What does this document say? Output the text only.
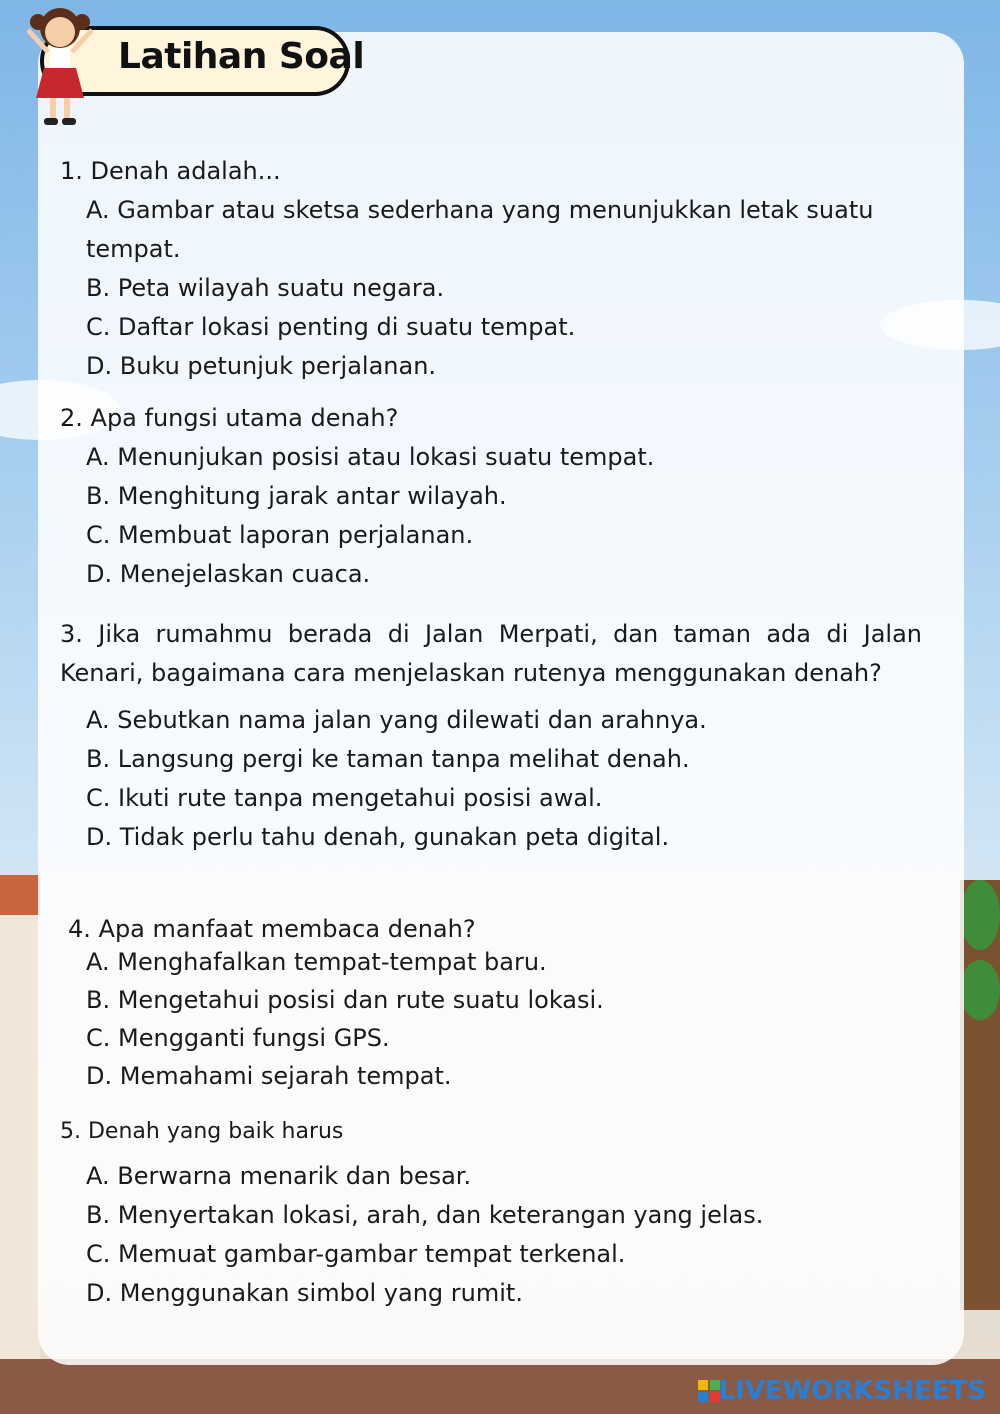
Latihan Soal

1. Denah adalah...

A. Gambar atau sketsa sederhana yang menunjukkan letak suatu tempat.

B. Peta wilayah suatu negara.

C. Daftar lokasi penting di suatu tempat.

D. Buku petunjuk perjalanan.

2. Apa fungsi utama denah?

A. Menunjukan posisi atau lokasi suatu tempat.

B. Menghitung jarak antar wilayah.

C. Membuat laporan perjalanan.

D. Menejelaskan cuaca.

3. Jika rumahmu berada di Jalan Merpati, dan taman ada di Jalan Kenari, bagaimana cara menjelaskan rutenya menggunakan denah?

A. Sebutkan nama jalan yang dilewati dan arahnya.

B. Langsung pergi ke taman tanpa melihat denah.

C. Ikuti rute tanpa mengetahui posisi awal.

D. Tidak perlu tahu denah, gunakan peta digital.

4. Apa manfaat membaca denah?

A. Menghafalkan tempat-tempat baru.

B. Mengetahui posisi dan rute suatu lokasi.

C. Mengganti fungsi GPS.

D. Memahami sejarah tempat.

5. Denah yang baik harus

A. Berwarna menarik dan besar.

B. Menyertakan lokasi, arah, dan keterangan yang jelas.

C. Memuat gambar-gambar tempat terkenal.

D. Menggunakan simbol yang rumit.

LIVEWORKSHEETS
